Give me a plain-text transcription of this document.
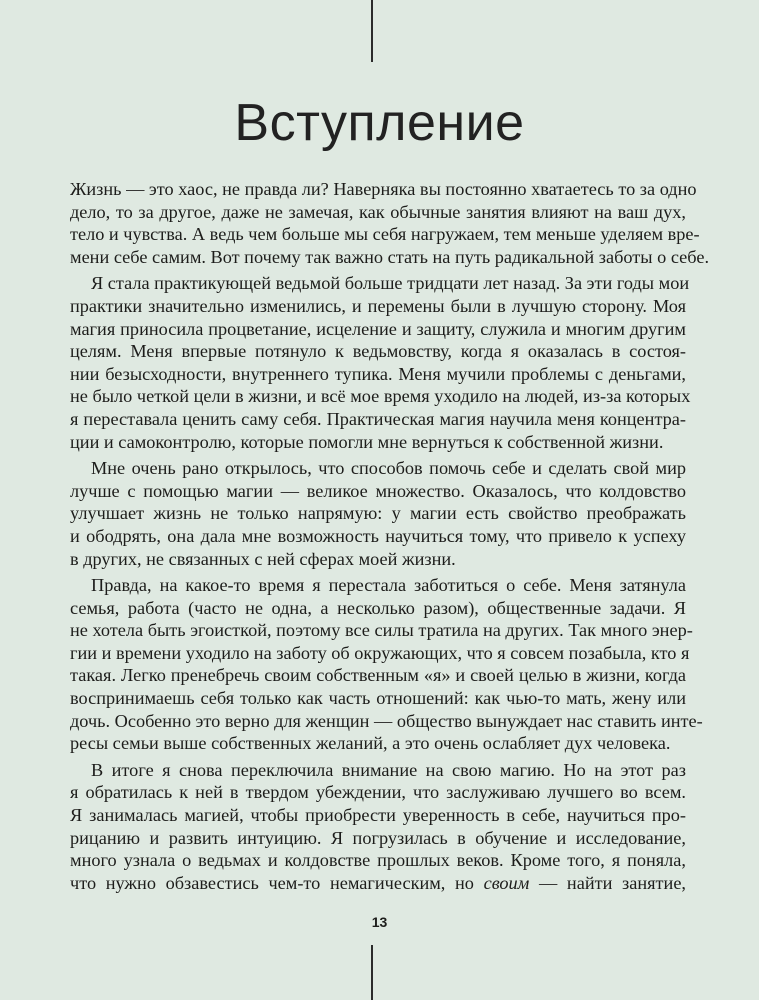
Вступление

Жизнь — это хаос, не правда ли? Наверняка вы постоянно хватаетесь то за одно
дело, то за другое, даже не замечая, как обычные занятия влияют на ваш дух,
тело и чувства. А ведь чем больше мы себя нагружаем, тем меньше уделяем вре-
мени себе самим. Вот почему так важно стать на путь радикальной заботы о себе.

Я стала практикующей ведьмой больше тридцати лет назад. За эти годы мои
практики значительно изменились, и перемены были в лучшую сторону. Моя
магия приносила процветание, исцеление и защиту, служила и многим другим
целям. Меня впервые потянуло к ведьмовству, когда я оказалась в состоя-
нии безысходности, внутреннего тупика. Меня мучили проблемы с деньгами,
не было четкой цели в жизни, и всё мое время уходило на людей, из-за которых
я переставала ценить саму себя. Практическая магия научила меня концентра-
ции и самоконтролю, которые помогли мне вернуться к собственной жизни.

Мне очень рано открылось, что способов помочь себе и сделать свой мир
лучше с помощью магии — великое множество. Оказалось, что колдовство
улучшает жизнь не только напрямую: у магии есть свойство преображать
и ободрять, она дала мне возможность научиться тому, что привело к успеху
в других, не связанных с ней сферах моей жизни.

Правда, на какое-то время я перестала заботиться о себе. Меня затянула
семья, работа (часто не одна, а несколько разом), общественные задачи. Я
не хотела быть эгоисткой, поэтому все силы тратила на других. Так много энер-
гии и времени уходило на заботу об окружающих, что я совсем позабыла, кто я
такая. Легко пренебречь своим собственным «я» и своей целью в жизни, когда
воспринимаешь себя только как часть отношений: как чью-то мать, жену или
дочь. Особенно это верно для женщин — общество вынуждает нас ставить инте-
ресы семьи выше собственных желаний, а это очень ослабляет дух человека.

В итоге я снова переключила внимание на свою магию. Но на этот раз
я обратилась к ней в твердом убеждении, что заслуживаю лучшего во всем.
Я занималась магией, чтобы приобрести уверенность в себе, научиться про-
рицанию и развить интуицию. Я погрузилась в обучение и исследование,
много узнала о ведьмах и колдовстве прошлых веков. Кроме того, я поняла,
что нужно обзавестись чем-то немагическим, но своим — найти занятие,

13
